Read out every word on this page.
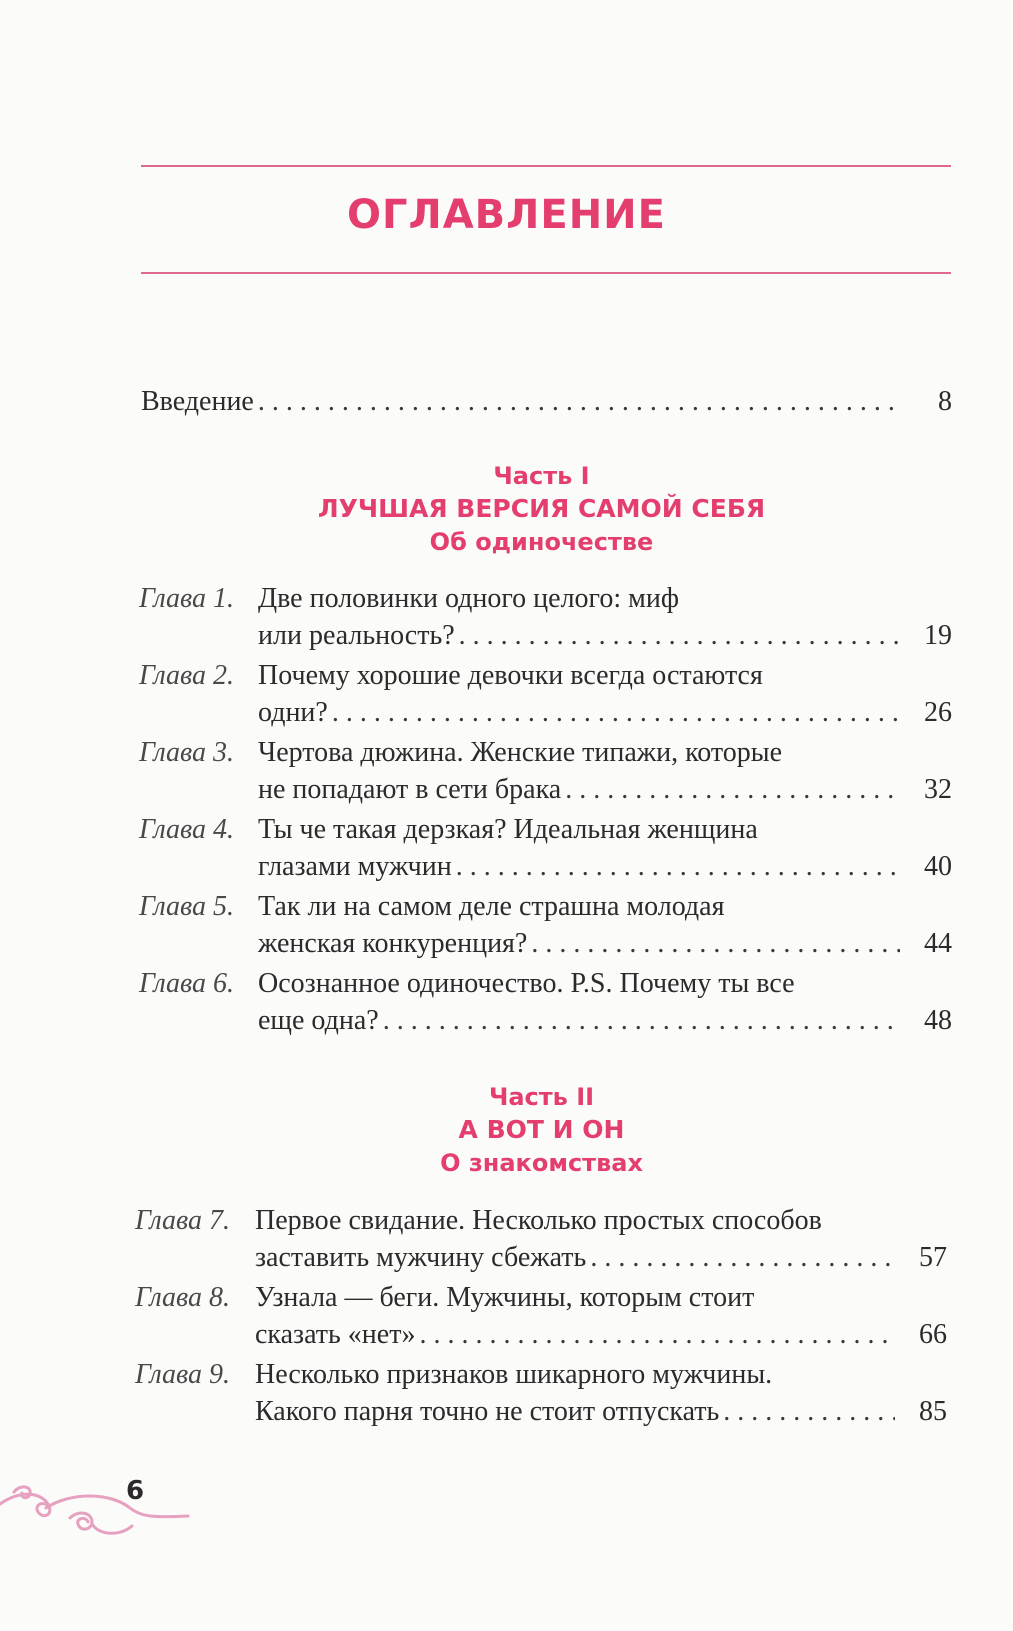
ОГЛАВЛЕНИЕ
Введение . . .	8
Часть I
ЛУЧШАЯ ВЕРСИЯ САМОЙ СЕБЯ
Об одиночестве
Глава 1. Две половинки одного целого: миф
или реальность? . . .	19
Глава 2. Почему хорошие девочки всегда остаются
одни? . . .	26
Глава 3. Чертова дюжина. Женские типажи, которые
не попадают в сети брака . . .	32
Глава 4. Ты че такая дерзкая? Идеальная женщина
глазами мужчин . . .	40
Глава 5. Так ли на самом деле страшна молодая
женская конкуренция? . . .	44
Глава 6. Осознанное одиночество. P.S. Почему ты все
еще одна? . . .	48
Часть II
А ВОТ И ОН
О знакомствах
Глава 7. Первое свидание. Несколько простых способов
заставить мужчину сбежать . . .	57
Глава 8. Узнала — беги. Мужчины, которым стоит
сказать «нет» . . .	66
Глава 9. Несколько признаков шикарного мужчины.
Какого парня точно не стоит отпускать . . .	85
6
